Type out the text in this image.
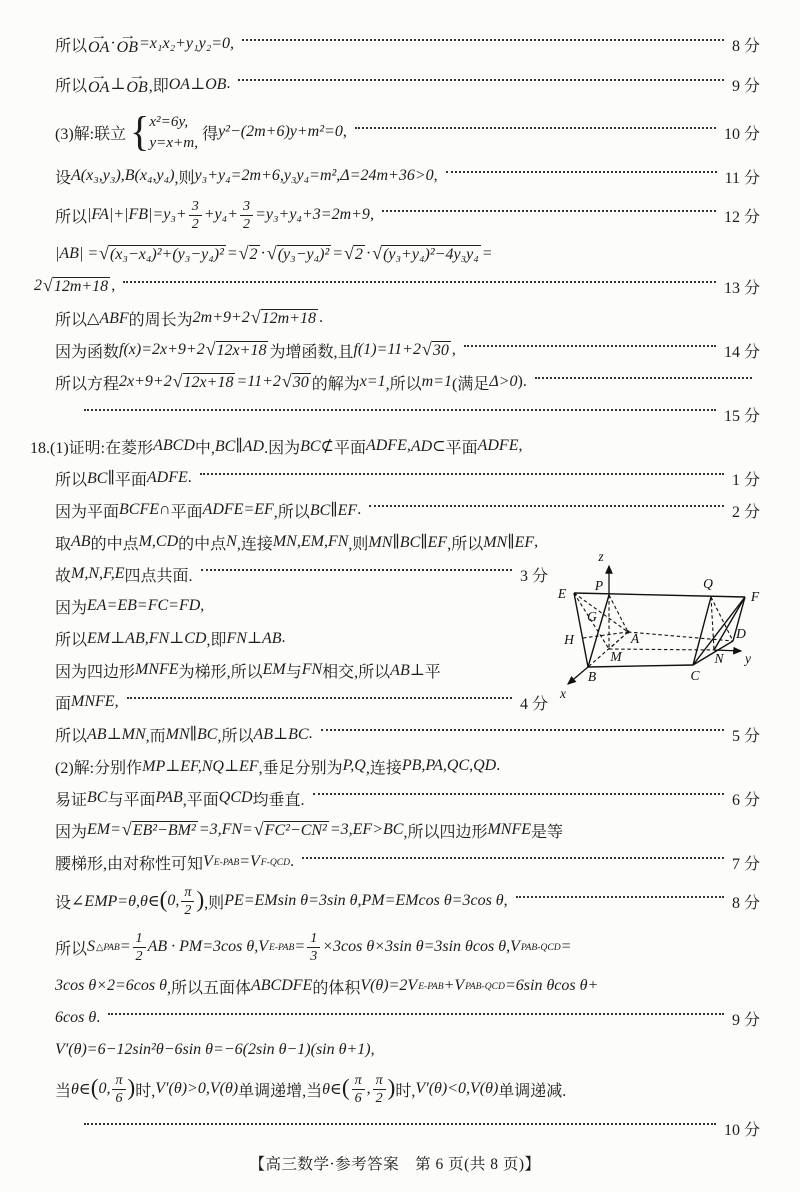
所以
→
OA · →
OB =x₁x₂+y₁y₂=0 ,	8 分
所以
→
OA ⊥
→
OB ,即 OA⊥OB .	9 分
(3)解:联立 { x²=6y,
y=x+m, 得 y²−(2m+6)y+m²=0 ,	10 分
设 A(x₃,y₃),B(x₄,y₄) ,则 y₃+y₄=2m+6,y₃y₄=m²,Δ=24m+36>0 ,	11 分
所以 $|FA|+|FB|=y_3+ \frac{3}{2} +y_4+ \frac{3}{2} =y_3+y_4+3=2m+9$ ,	12 分
|AB| = √ (x₃−x₄)²+(y₃−y₄)² = √ 2 · √ (y₃−y₄)² = √ 2 · √ (y₃+y₄)²−4y₃y₄ =
2 √ 12m+18 ,	13 分
所以 △ABF 的周长为 2m+9+2 √ 12m+18 .
因为函数 f(x)=2x+9+2 √ 12x+18 为增函数,且 f(1)=11+2 √ 30 ,	14 分
所以方程 2x+9+2 √ 12x+18 =11+2 √ 30 的解为 x=1 ,所以 m=1 (满足 Δ>0 ).
15 分
18.(1)证明:在菱形 ABCD 中, BC∥AD .因为 BC⊄ 平面 ADFE , AD⊂ 平面 ADFE ,
所以 BC∥ 平面 ADFE .	1 分
因为平面 BCFE∩ 平面 ADFE=EF ,所以 BC∥EF .	2 分
取 AB 的中点 M , CD 的中点 N ,连接 MN,EM,FN ,则 MN∥BC∥EF ,所以 MN∥EF ,
故 M,N,F,E 四点共面.	3 分
因为 EA=EB=FC=FD ,
所以 EM⊥AB,FN⊥CD ,即 FN⊥AB .
因为四边形 MNFE 为梯形,所以 EM 与 FN 相交,所以 AB⊥ 平
面 MNFE ,	4 分
所以 AB⊥MN ,而 MN∥BC ,所以 AB⊥BC .	5 分
(2)解:分别作 MP⊥EF,NQ⊥EF ,垂足分别为 P,Q ,连接 PB,PA,QC,QD .
易证 BC 与平面 PAB ,平面 QCD 均垂直.	6 分
因为 EM= √ EB²−BM² =3,FN= √ FC²−CN² =3,EF>BC ,所以四边形 MNFE 是等
腰梯形,由对称性可知 V E-PAB =V F-QCD .	7 分
设 ∠EMP=θ,θ∈ ( 0, $\frac{\pi}{2}$ ) ,则 PE=EMsin θ=3sin θ,PM=EMcos θ=3cos θ ,	8 分
所以 S △PAB = $\frac{1}{2}$ AB · PM=3cos θ,V $E-PAB = \frac{1}{3} \times 3\cos$ θ×3sin θ=3sin θcos θ,V PAB-QCD =
3cos θ×2=6cos θ ,所以五面体 ABCDFE 的体积 V(θ)=2V E-PAB +V PAB-QCD =6sin θcos θ+
6cos θ .	9 分
V′(θ)=6−12sin²θ−6sin θ=−6(2sin θ−1)(sin θ+1) ,
当 θ∈ ( 0, $\frac{\pi}{6}$ ) 时, V′(θ)>0,V(θ) 单调递增,当 θ∈ ( $\frac{\pi}{6}$ , $\frac{\pi}{2}$ ) 时, V′(θ)<0,V(θ) 单调递减.
10 分
E
P
z
Q
F
G
H	A	D
M	N y
B	C
x
【高三数学·参考答案　第 6 页(共 8 页)】
